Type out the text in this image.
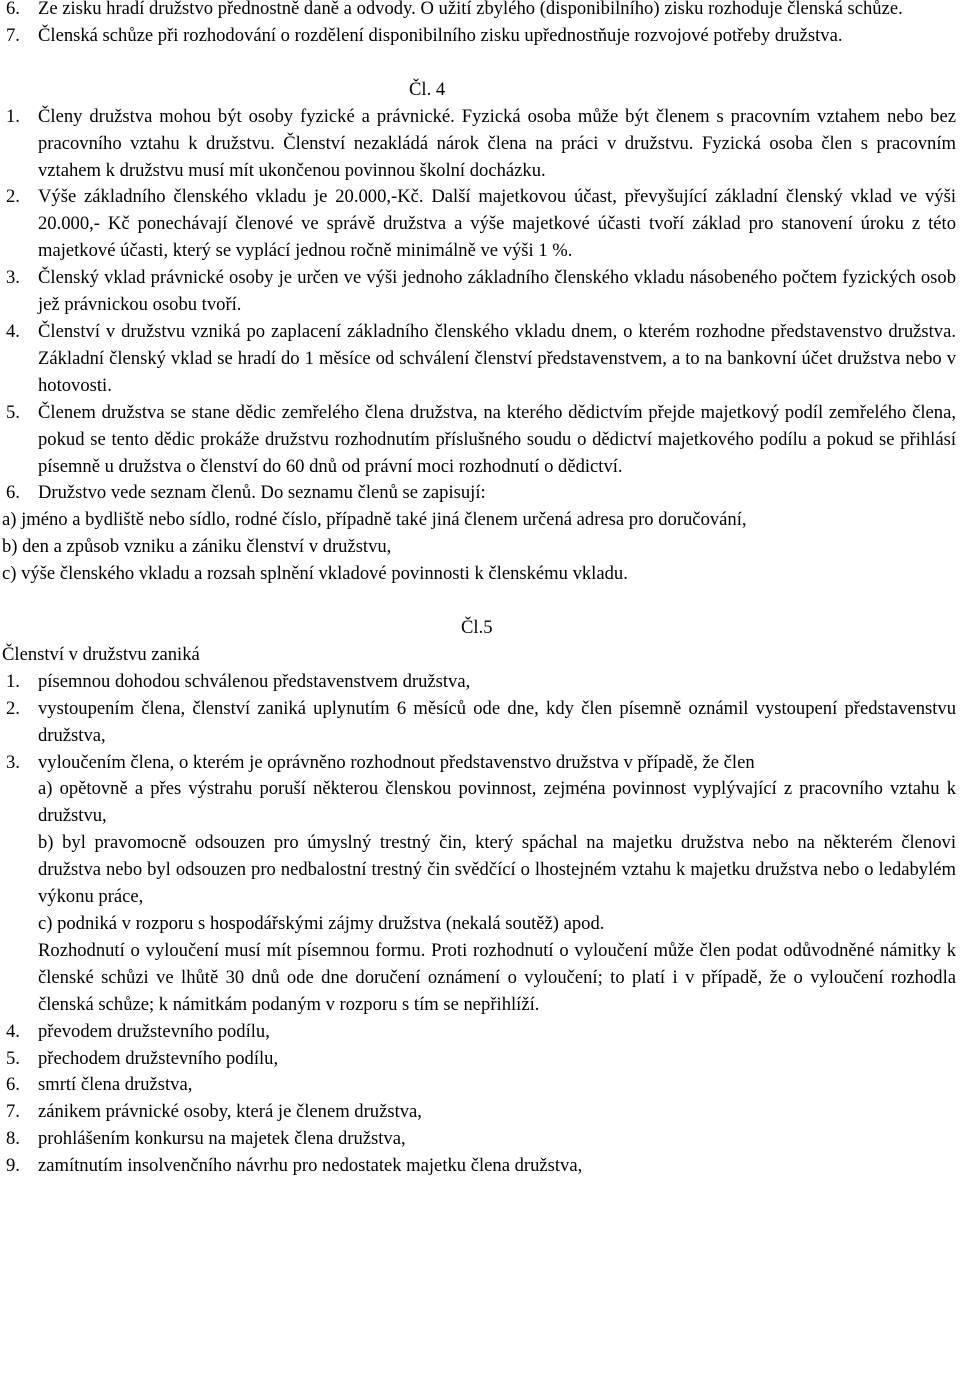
6. Ze zisku hradí družstvo přednostně daně a odvody. O užití zbylého (disponibilního) zisku rozhoduje členská schůze.
7. Členská schůze při rozhodování o rozdělení disponibilního zisku upřednostňuje rozvojové potřeby družstva.
Čl. 4
1. Členy družstva mohou být osoby fyzické a právnické. Fyzická osoba může být členem s pracovním vztahem nebo bez pracovního vztahu k družstvu. Členství nezakládá nárok člena na práci v družstvu. Fyzická osoba člen s pracovním vztahem k družstvu musí mít ukončenou povinnou školní docházku.
2. Výše základního členského vkladu je 20.000,-Kč. Další majetkovou účast, převyšující základní členský vklad ve výši 20.000,- Kč ponechávají členové ve správě družstva a výše majetkové účasti tvoří základ pro stanovení úroku z této majetkové účasti, který se vyplácí jednou ročně minimálně ve výši 1 %.
3. Členský vklad právnické osoby je určen ve výši jednoho základního členského vkladu násobeného počtem fyzických osob jež právnickou osobu tvoří.
4. Členství v družstvu vzniká po zaplacení základního členského vkladu dnem, o kterém rozhodne představenstvo družstva. Základní členský vklad se hradí do 1 měsíce od schválení členství představenstvem, a to na bankovní účet družstva nebo v hotovosti.
5. Členem družstva se stane dědic zemřelého člena družstva, na kterého dědictvím přejde majetkový podíl zemřelého člena, pokud se tento dědic prokáže družstvu rozhodnutím příslušného soudu o dědictví majetkového podílu a pokud se přihlásí písemně u družstva o členství do 60 dnů od právní moci rozhodnutí o dědictví.
6. Družstvo vede seznam členů. Do seznamu členů se zapisují:
a) jméno a bydliště nebo sídlo, rodné číslo, případně také jiná členem určená adresa pro doručování,
b) den a způsob vzniku a zániku členství v družstvu,
c) výše členského vkladu a rozsah splnění vkladové povinnosti k členskému vkladu.
Čl.5
Členství v družstvu zaniká
1. písemnou dohodou schválenou představenstvem družstva,
2. vystoupením člena, členství zaniká uplynutím 6 měsíců ode dne, kdy člen písemně oznámil vystoupení představenstvu družstva,
3. vyloučením člena, o kterém je oprávněno rozhodnout představenstvo družstva v případě, že člen
a) opětovně a přes výstrahu poruší některou členskou povinnost, zejména povinnost vyplývající z pracovního vztahu k družstvu,
b) byl pravomocně odsouzen pro úmyslný trestný čin, který spáchal na majetku družstva nebo na některém členovi družstva nebo byl odsouzen pro nedbalostní trestný čin svědčící o lhostejném vztahu k majetku družstva nebo o ledabylém výkonu práce,
c) podniká v rozporu s hospodářskými zájmy družstva (nekalá soutěž) apod.
Rozhodnutí o vyloučení musí mít písemnou formu. Proti rozhodnutí o vyloučení může člen podat odůvodněné námitky k členské schůzi ve lhůtě 30 dnů ode dne doručení oznámení o vyloučení; to platí i v případě, že o vyloučení rozhodla členská schůze; k námitkám podaným v rozporu s tím se nepřihlíží.
4. převodem družstevního podílu,
5. přechodem družstevního podílu,
6. smrtí člena družstva,
7. zánikem právnické osoby, která je členem družstva,
8. prohlášením konkursu na majetek člena družstva,
9. zamítnutím insolvenčního návrhu pro nedostatek majetku člena družstva,
